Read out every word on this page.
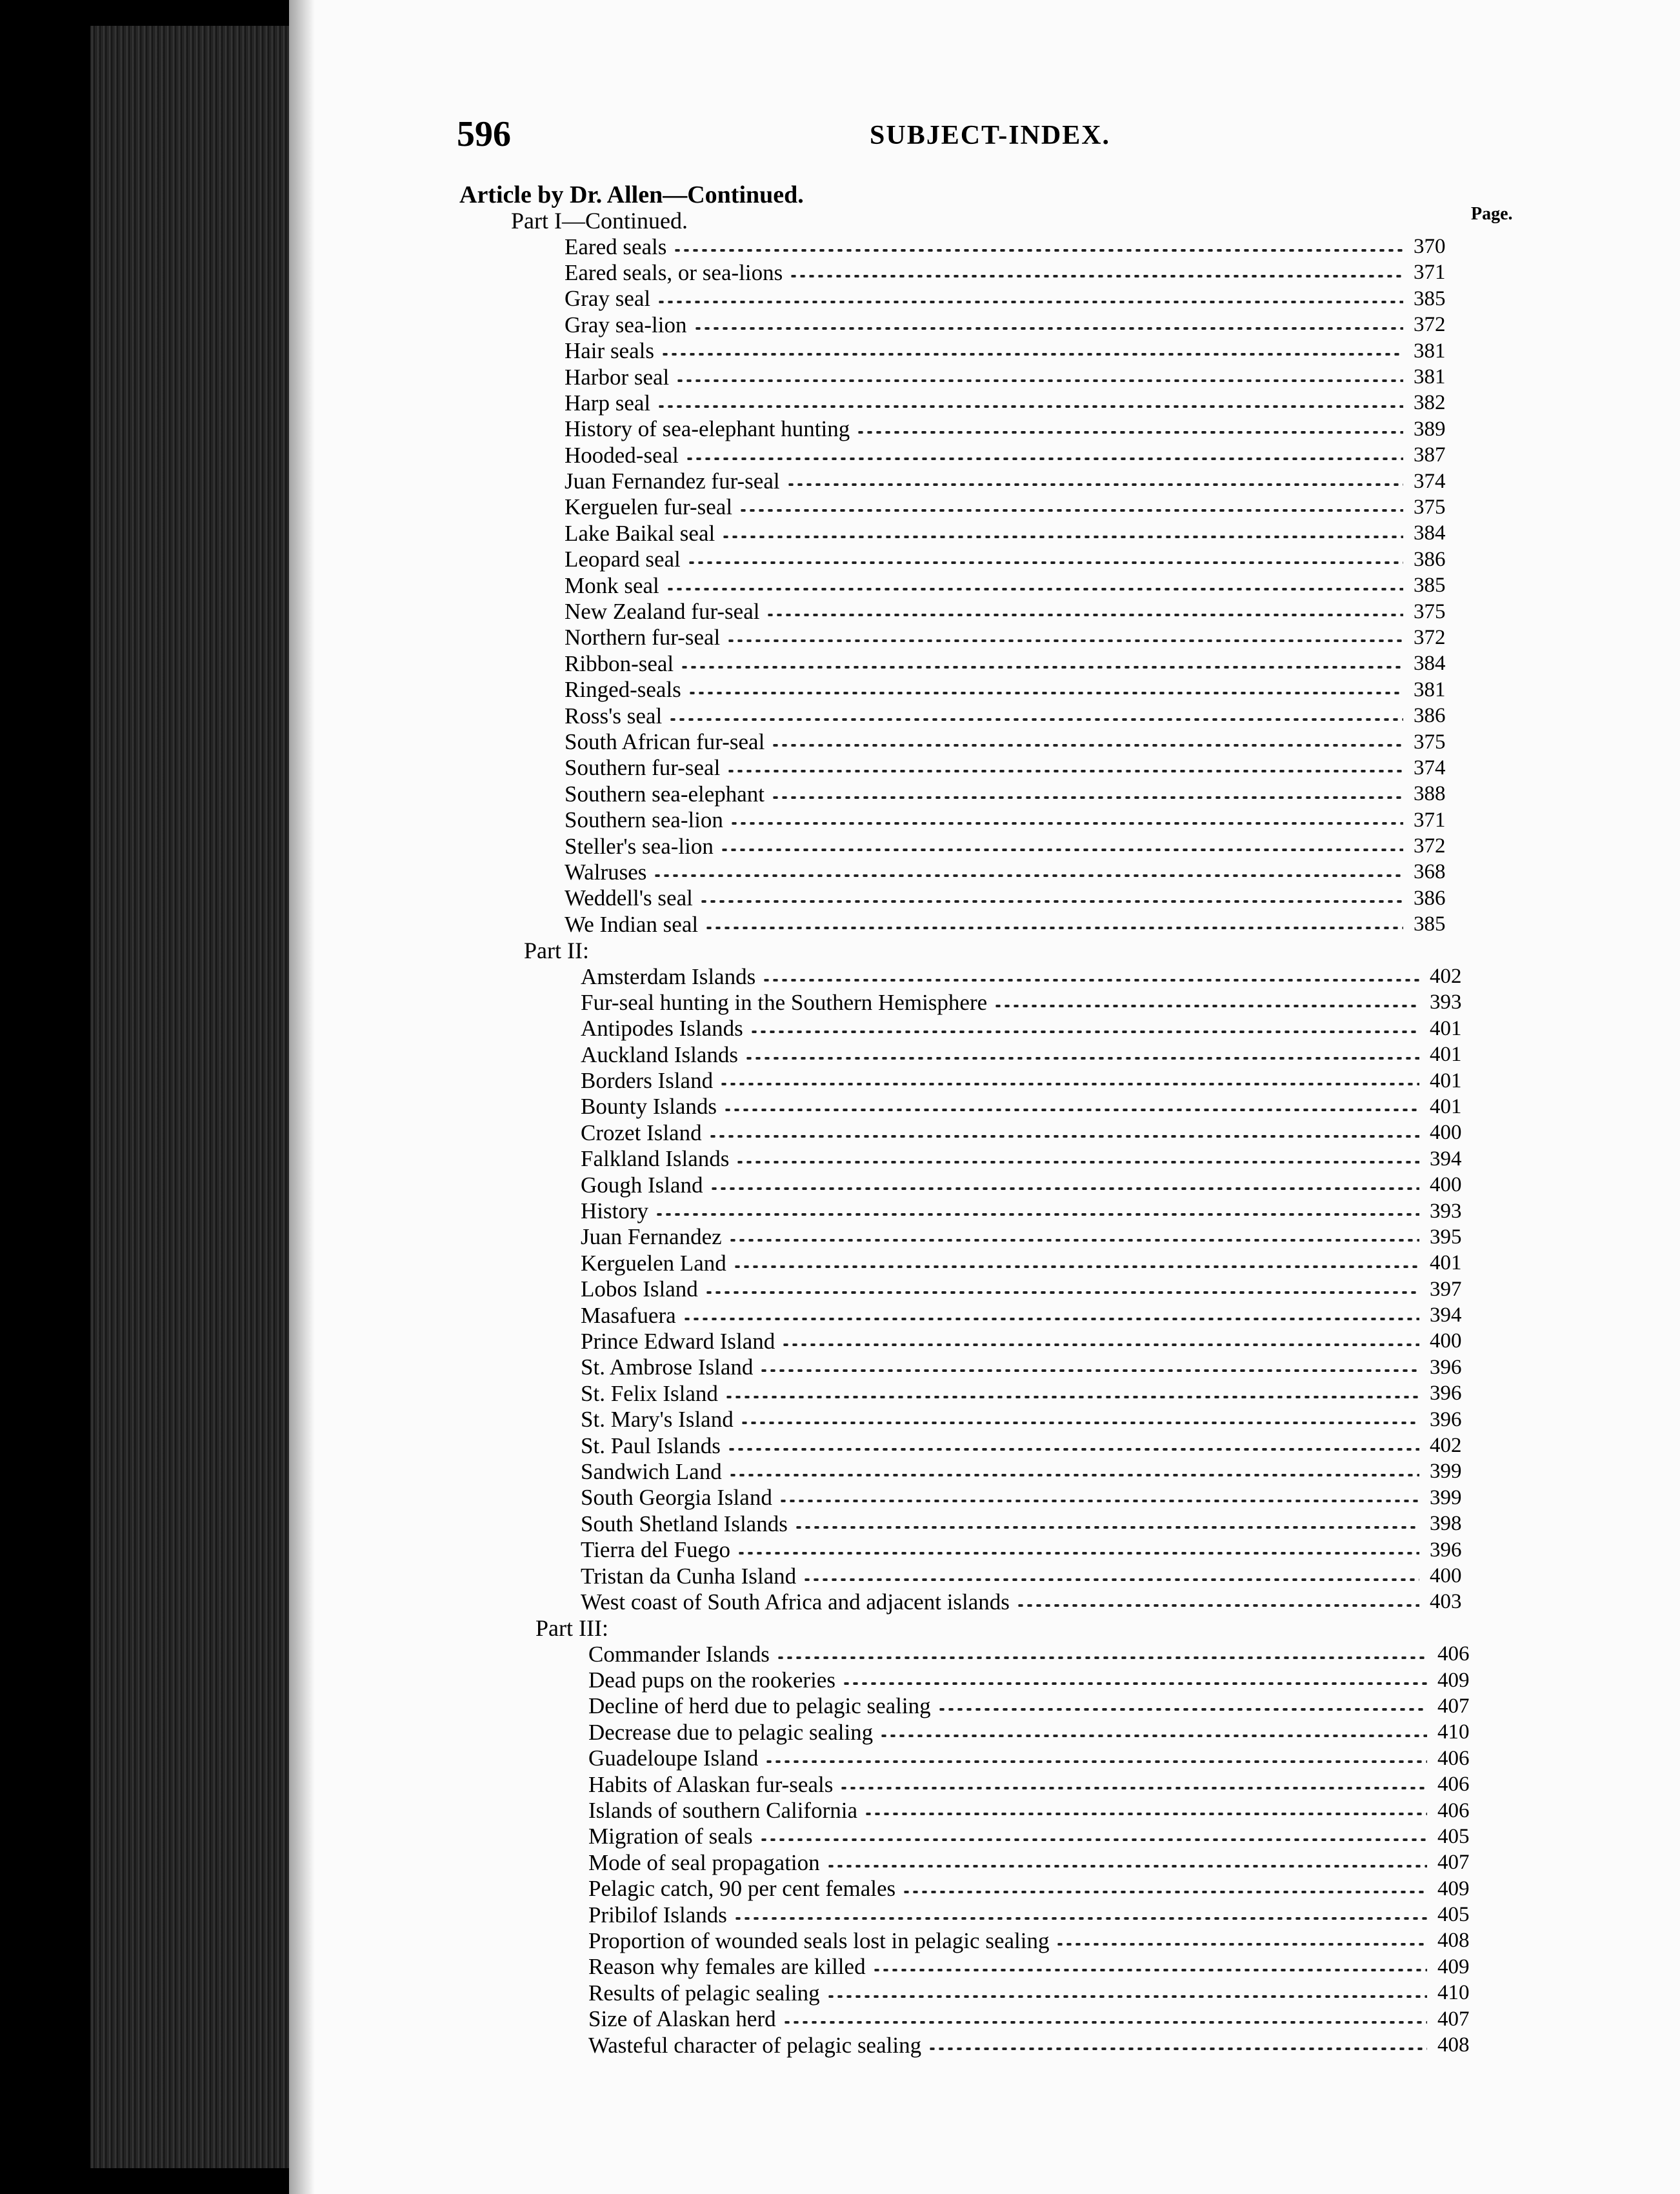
596	SUBJECT-INDEX.
Article by Dr. Allen—Continued.
Page.
Part I—Continued.
Eared seals	370
Eared seals, or sea-lions	371
Gray seal	385
Gray sea-lion	372
Hair seals	381
Harbor seal	381
Harp seal	382
History of sea-elephant hunting	389
Hooded-seal	387
Juan Fernandez fur-seal	374
Kerguelen fur-seal	375
Lake Baikal seal	384
Leopard seal	386
Monk seal	385
New Zealand fur-seal	375
Northern fur-seal	372
Ribbon-seal	384
Ringed-seals	381
Ross's seal	386
South African fur-seal	375
Southern fur-seal	374
Southern sea-elephant	388
Southern sea-lion	371
Steller's sea-lion	372
Walruses	368
Weddell's seal	386
We Indian seal	385
Part II:
Amsterdam Islands	402
Fur-seal hunting in the Southern Hemisphere	393
Antipodes Islands	401
Auckland Islands	401
Borders Island	401
Bounty Islands	401
Crozet Island	400
Falkland Islands	394
Gough Island	400
History	393
Juan Fernandez	395
Kerguelen Land	401
Lobos Island	397
Masafuera	394
Prince Edward Island	400
St. Ambrose Island	396
St. Felix Island	396
St. Mary's Island	396
St. Paul Islands	402
Sandwich Land	399
South Georgia Island	399
South Shetland Islands	398
Tierra del Fuego	396
Tristan da Cunha Island	400
West coast of South Africa and adjacent islands	403
Part III:
Commander Islands	406
Dead pups on the rookeries	409
Decline of herd due to pelagic sealing	407
Decrease due to pelagic sealing	410
Guadeloupe Island	406
Habits of Alaskan fur-seals	406
Islands of southern California	406
Migration of seals	405
Mode of seal propagation	407
Pelagic catch, 90 per cent females	409
Pribilof Islands	405
Proportion of wounded seals lost in pelagic sealing	408
Reason why females are killed	409
Results of pelagic sealing	410
Size of Alaskan herd	407
Wasteful character of pelagic sealing	408
